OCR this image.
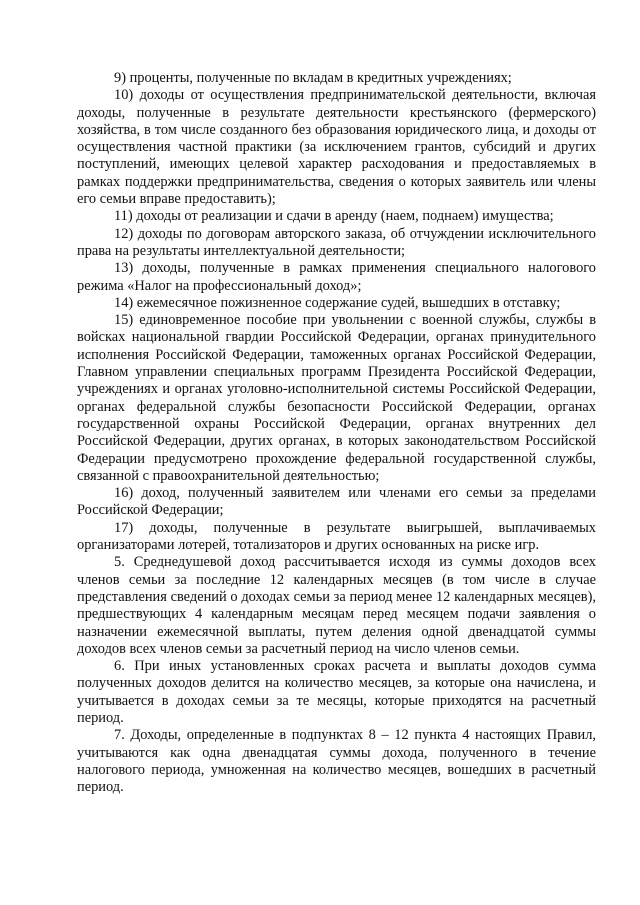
9) проценты, полученные по вкладам в кредитных учреждениях;

10) доходы от осуществления предпринимательской деятельности, включая доходы, полученные в результате деятельности крестьянского (фермерского) хозяйства, в том числе созданного без образования юридического лица, и доходы от осуществления частной практики (за исключением грантов, субсидий и других поступлений, имеющих целевой характер расходования и предоставляемых в рамках поддержки предпринимательства, сведения о которых заявитель или члены его семьи вправе предоставить);

11) доходы от реализации и сдачи в аренду (наем, поднаем) имущества;

12) доходы по договорам авторского заказа, об отчуждении исключительного права на результаты интеллектуальной деятельности;

13) доходы, полученные в рамках применения специального налогового режима «Налог на профессиональный доход»;

14) ежемесячное пожизненное содержание судей, вышедших в отставку;

15) единовременное пособие при увольнении с военной службы, службы в войсках национальной гвардии Российской Федерации, органах принудительного исполнения Российской Федерации, таможенных органах Российской Федерации, Главном управлении специальных программ Президента Российской Федерации, учреждениях и органах уголовно-исполнительной системы Российской Федерации, органах федеральной службы безопасности Российской Федерации, органах государственной охраны Российской Федерации, органах внутренних дел Российской Федерации, других органах, в которых законодательством Российской Федерации предусмотрено прохождение федеральной государственной службы, связанной с правоохранительной деятельностью;

16) доход, полученный заявителем или членами его семьи за пределами Российской Федерации;

17) доходы, полученные в результате выигрышей, выплачиваемых организаторами лотерей, тотализаторов и других основанных на риске игр.

5. Среднедушевой доход рассчитывается исходя из суммы доходов всех членов семьи за последние 12 календарных месяцев (в том числе в случае представления сведений о доходах семьи за период менее 12 календарных месяцев), предшествующих 4 календарным месяцам перед месяцем подачи заявления о назначении ежемесячной выплаты, путем деления одной двенадцатой суммы доходов всех членов семьи за расчетный период на число членов семьи.

6. При иных установленных сроках расчета и выплаты доходов сумма полученных доходов делится на количество месяцев, за которые она начислена, и учитывается в доходах семьи за те месяцы, которые приходятся на расчетный период.

7. Доходы, определенные в подпунктах 8 – 12 пункта 4 настоящих Правил, учитываются как одна двенадцатая суммы дохода, полученного в течение налогового периода, умноженная на количество месяцев, вошедших в расчетный период.
